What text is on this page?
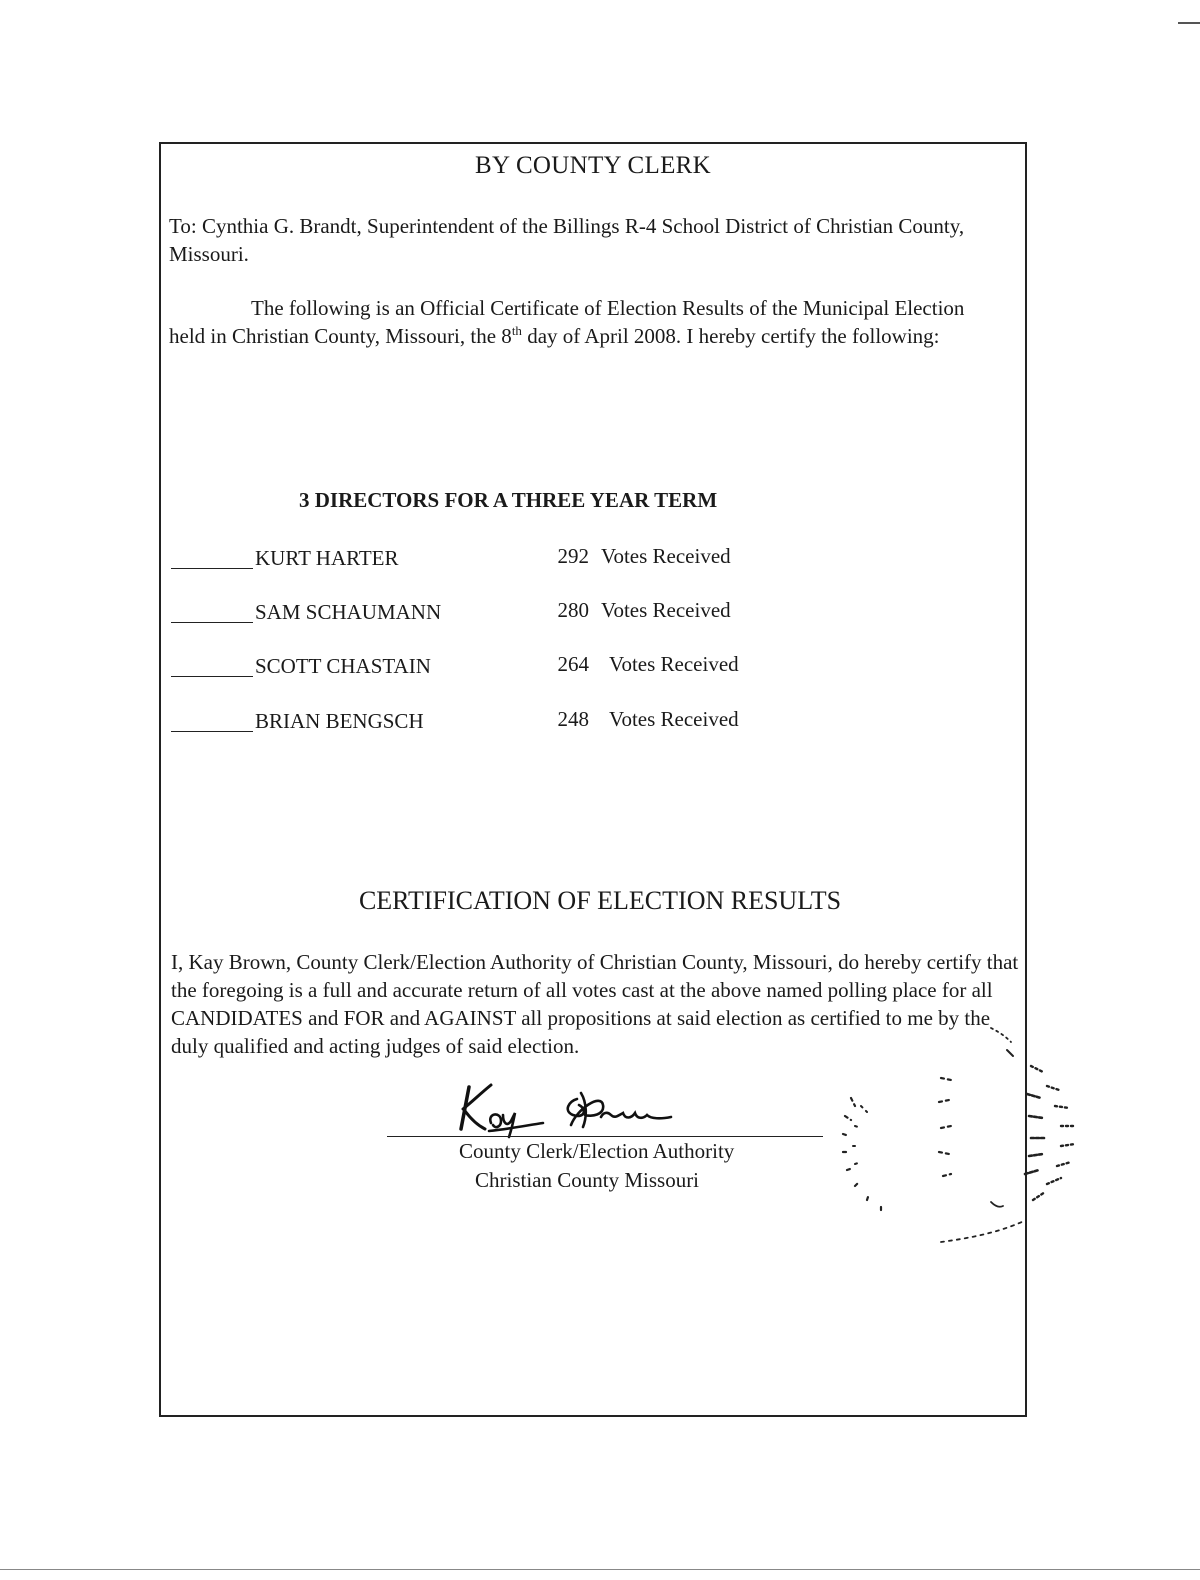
BY COUNTY CLERK
To: Cynthia G. Brandt, Superintendent of the Billings R-4 School District of Christian County, Missouri.
The following is an Official Certificate of Election Results of the Municipal Election held in Christian County, Missouri, the 8th day of April 2008. I hereby certify the following:
3 DIRECTORS FOR A THREE YEAR TERM
KURT HARTER	292 Votes Received
SAM SCHAUMANN	280 Votes Received
SCOTT CHASTAIN	264 Votes Received
BRIAN BENGSCH	248 Votes Received
CERTIFICATION OF ELECTION RESULTS
I, Kay Brown, County Clerk/Election Authority of Christian County, Missouri, do hereby certify that the foregoing is a full and accurate return of all votes cast at the above named polling place for all CANDIDATES and FOR and AGAINST all propositions at said election as certified to me by the duly qualified and acting judges of said election.
County Clerk/Election Authority
Christian County Missouri
